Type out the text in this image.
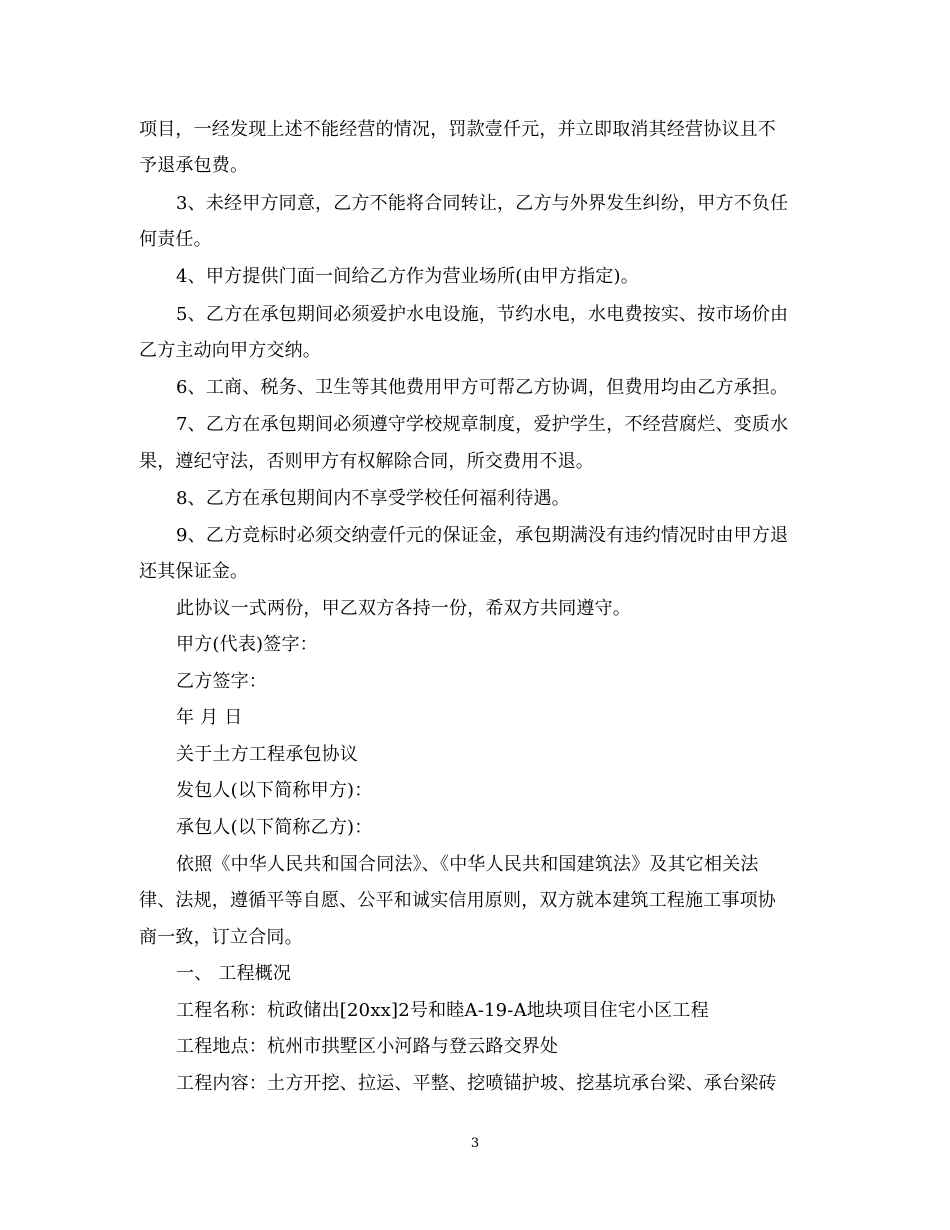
项目，一经发现上述不能经营的情况，罚款壹仟元，并立即取消其经营协议且不
予退承包费。
3、未经甲方同意，乙方不能将合同转让，乙方与外界发生纠纷，甲方不负任
何责任。
4、甲方提供门面一间给乙方作为营业场所(由甲方指定)。
5、乙方在承包期间必须爱护水电设施，节约水电，水电费按实、按市场价由
乙方主动向甲方交纳。
6、工商、税务、卫生等其他费用甲方可帮乙方协调，但费用均由乙方承担。
7、乙方在承包期间必须遵守学校规章制度，爱护学生，不经营腐烂、变质水
果，遵纪守法，否则甲方有权解除合同，所交费用不退。
8、乙方在承包期间内不享受学校任何福利待遇。
9、乙方竞标时必须交纳壹仟元的保证金，承包期满没有违约情况时由甲方退
还其保证金。
此协议一式两份，甲乙双方各持一份，希双方共同遵守。
甲方(代表)签字：
乙方签字：
年 月 日
关于土方工程承包协议
发包人(以下简称甲方)：
承包人(以下简称乙方)：
依照《中华人民共和国合同法》、《中华人民共和国建筑法》及其它相关法
律、法规，遵循平等自愿、公平和诚实信用原则，双方就本建筑工程施工事项协
商一致，订立合同。
一、 工程概况
工程名称：杭政储出[20xx]2号和睦A-19-A地块项目住宅小区工程
工程地点：杭州市拱墅区小河路与登云路交界处
工程内容：土方开挖、拉运、平整、挖喷锚护坡、挖基坑承台梁、承台梁砖
3
